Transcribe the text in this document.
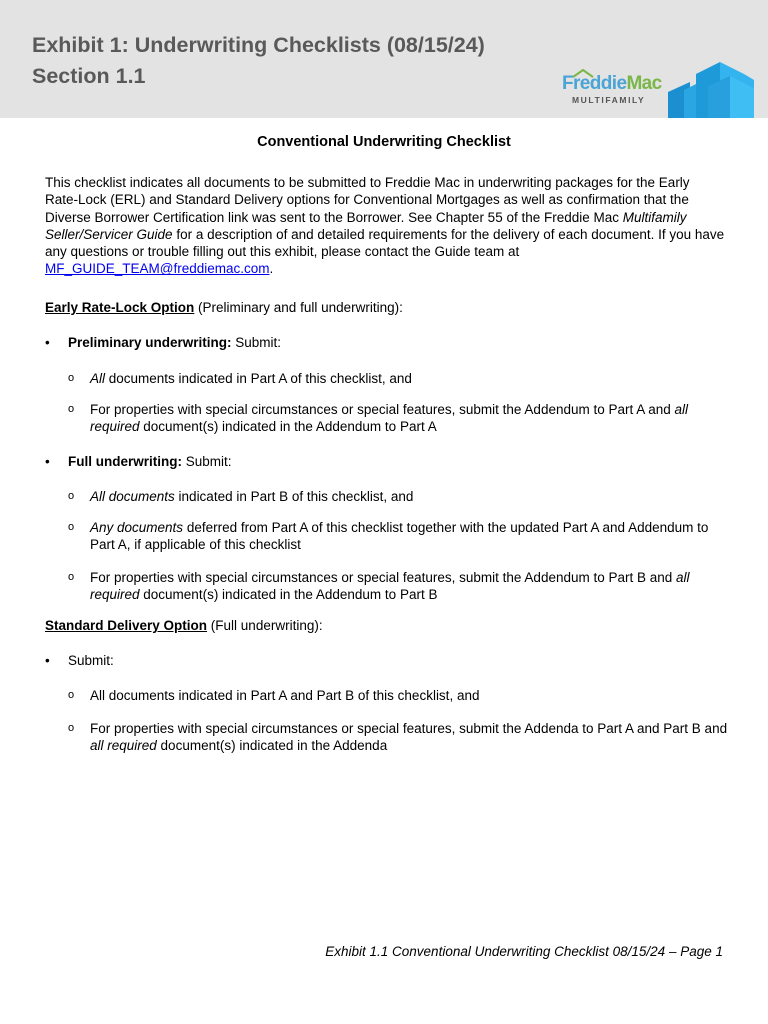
Exhibit 1: Underwriting Checklists (08/15/24)
Section 1.1	FreddieMac
MULTIFAMILY
Conventional Underwriting Checklist

This checklist indicates all documents to be submitted to Freddie Mac in underwriting packages for the Early Rate-Lock (ERL) and Standard Delivery options for Conventional Mortgages as well as confirmation that the Diverse Borrower Certification link was sent to the Borrower. See Chapter 55 of the Freddie Mac Multifamily Seller/Servicer Guide for a description of and detailed requirements for the delivery of each document. If you have any questions or trouble filling out this exhibit, please contact the Guide team at MF_GUIDE_TEAM@freddiemac.com.

Early Rate-Lock Option (Preliminary and full underwriting):
• Preliminary underwriting: Submit:
o All documents indicated in Part A of this checklist, and
o For properties with special circumstances or special features, submit the Addendum to Part A and all required document(s) indicated in the Addendum to Part A
• Full underwriting: Submit:
o All documents indicated in Part B of this checklist, and
o Any documents deferred from Part A of this checklist together with the updated Part A and Addendum to Part A, if applicable of this checklist
o For properties with special circumstances or special features, submit the Addendum to Part B and all required document(s) indicated in the Addendum to Part B
Standard Delivery Option (Full underwriting):
• Submit:
o All documents indicated in Part A and Part B of this checklist, and
o For properties with special circumstances or special features, submit the Addenda to Part A and Part B and all required document(s) indicated in the Addenda
Exhibit 1.1 Conventional Underwriting Checklist 08/15/24 – Page 1
